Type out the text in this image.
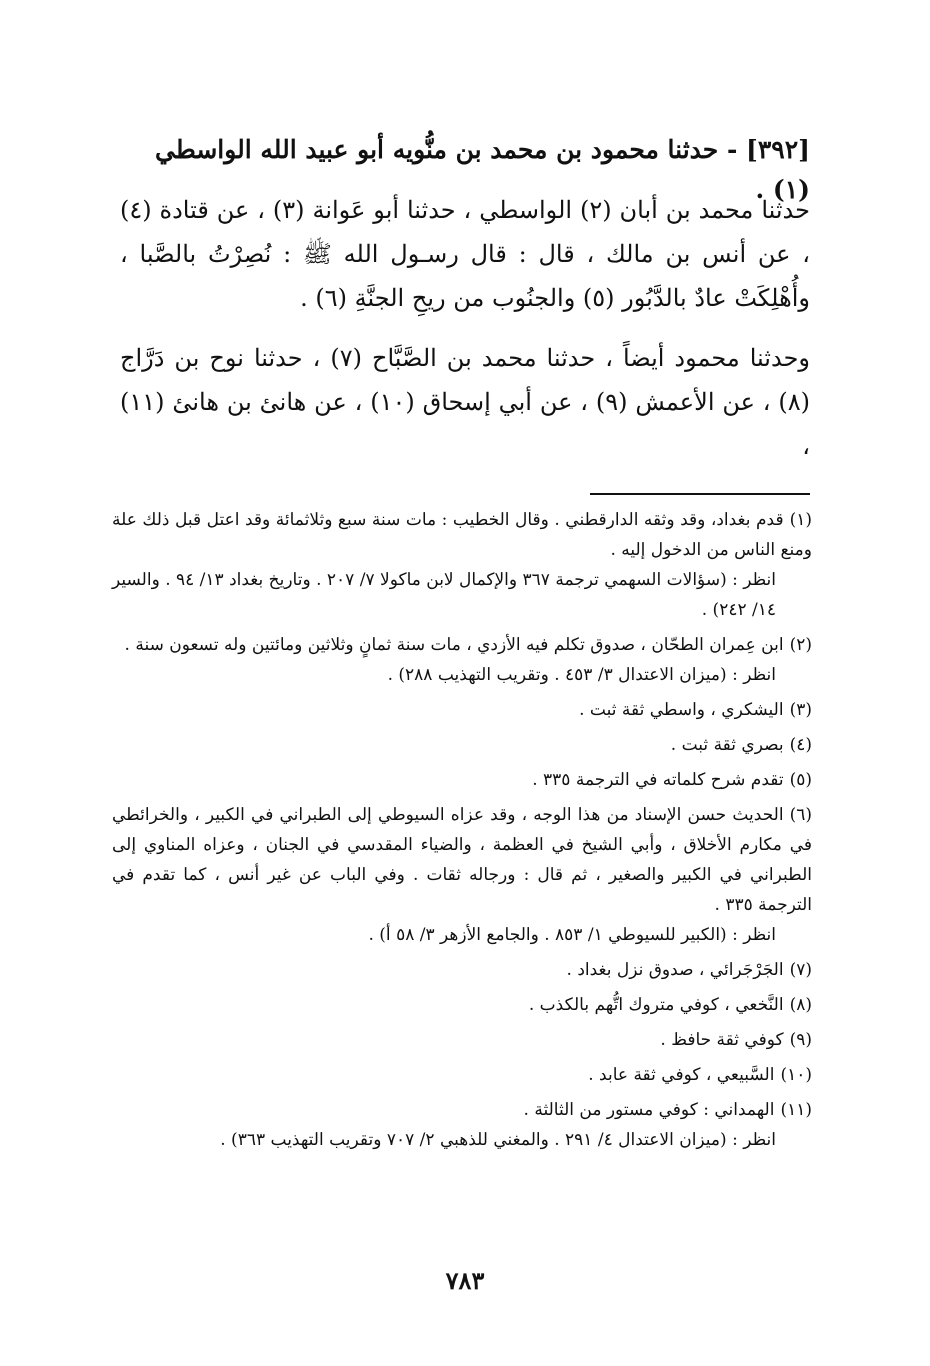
[٣٩٢] - حدثنا محمود بن محمد بن منُّويه أبو عبيد الله الواسطي (١) .
حدثنا محمد بن أبان (٢) الواسطي ، حدثنا أبو عَوانة (٣) ، عن قتادة (٤) ، عن أنس بن مالك ، قال : قال رسـول الله ﷺ : نُصِرْتُ بالصَّبا ، وأُهْلِكَتْ عادٌ بالدَّبُور (٥) والجنُوب من ريحِ الجنَّةِ (٦) .
وحدثنا محمود أيضاً ، حدثنا محمد بن الصَّبَّاح (٧) ، حدثنا نوح بن دَرَّاج (٨) ، عن الأعمش (٩) ، عن أبي إسحاق (١٠) ، عن هانئ بن هانئ (١١) ،
(١)قدم بغداد، وقد وثقه الدارقطني . وقال الخطيب : مات سنة سبع وثلاثمائة وقد اعتل قبل ذلك علة ومنع الناس من الدخول إليه .
انظر : (سؤالات السهمي ترجمة ٣٦٧ والإكمال لابن ماكولا ٧/ ٢٠٧ . وتاريخ بغداد ١٣/ ٩٤ . والسير ١٤/ ٢٤٢) .
(٢)ابن عِمران الطحّان ، صدوق تكلم فيه الأزدي ، مات سنة ثمانٍ وثلاثين ومائتين وله تسعون سنة .
انظر : (ميزان الاعتدال ٣/ ٤٥٣ . وتقريب التهذيب ٢٨٨) .
(٣)اليشكري ، واسطي ثقة ثبت .
(٤)بصري ثقة ثبت .
(٥)تقدم شرح كلماته في الترجمة ٣٣٥ .
(٦)الحديث حسن الإسناد من هذا الوجه ، وقد عزاه السيوطي إلى الطبراني في الكبير ، والخرائطي في مكارم الأخلاق ، وأبي الشيخ في العظمة ، والضياء المقدسي في الجنان ، وعزاه المناوي إلى الطبراني في الكبير والصغير ، ثم قال : ورجاله ثقات . وفي الباب عن غير أنس ، كما تقدم في الترجمة ٣٣٥ .
انظر : (الكبير للسيوطي ١/ ٨٥٣ . والجامع الأزهر ٣/ ٥٨ أ) .
(٧)الجَرْجَرائي ، صدوق نزل بغداد .
(٨)النَّخعي ، كوفي متروك اتُّهم بالكذب .
(٩)كوفي ثقة حافظ .
(١٠)السَّبيعي ، كوفي ثقة عابد .
(١١)الهمداني : كوفي مستور من الثالثة .
انظر : (ميزان الاعتدال ٤/ ٢٩١ . والمغني للذهبي ٢/ ٧٠٧ وتقريب التهذيب ٣٦٣) .
٧٨٣
